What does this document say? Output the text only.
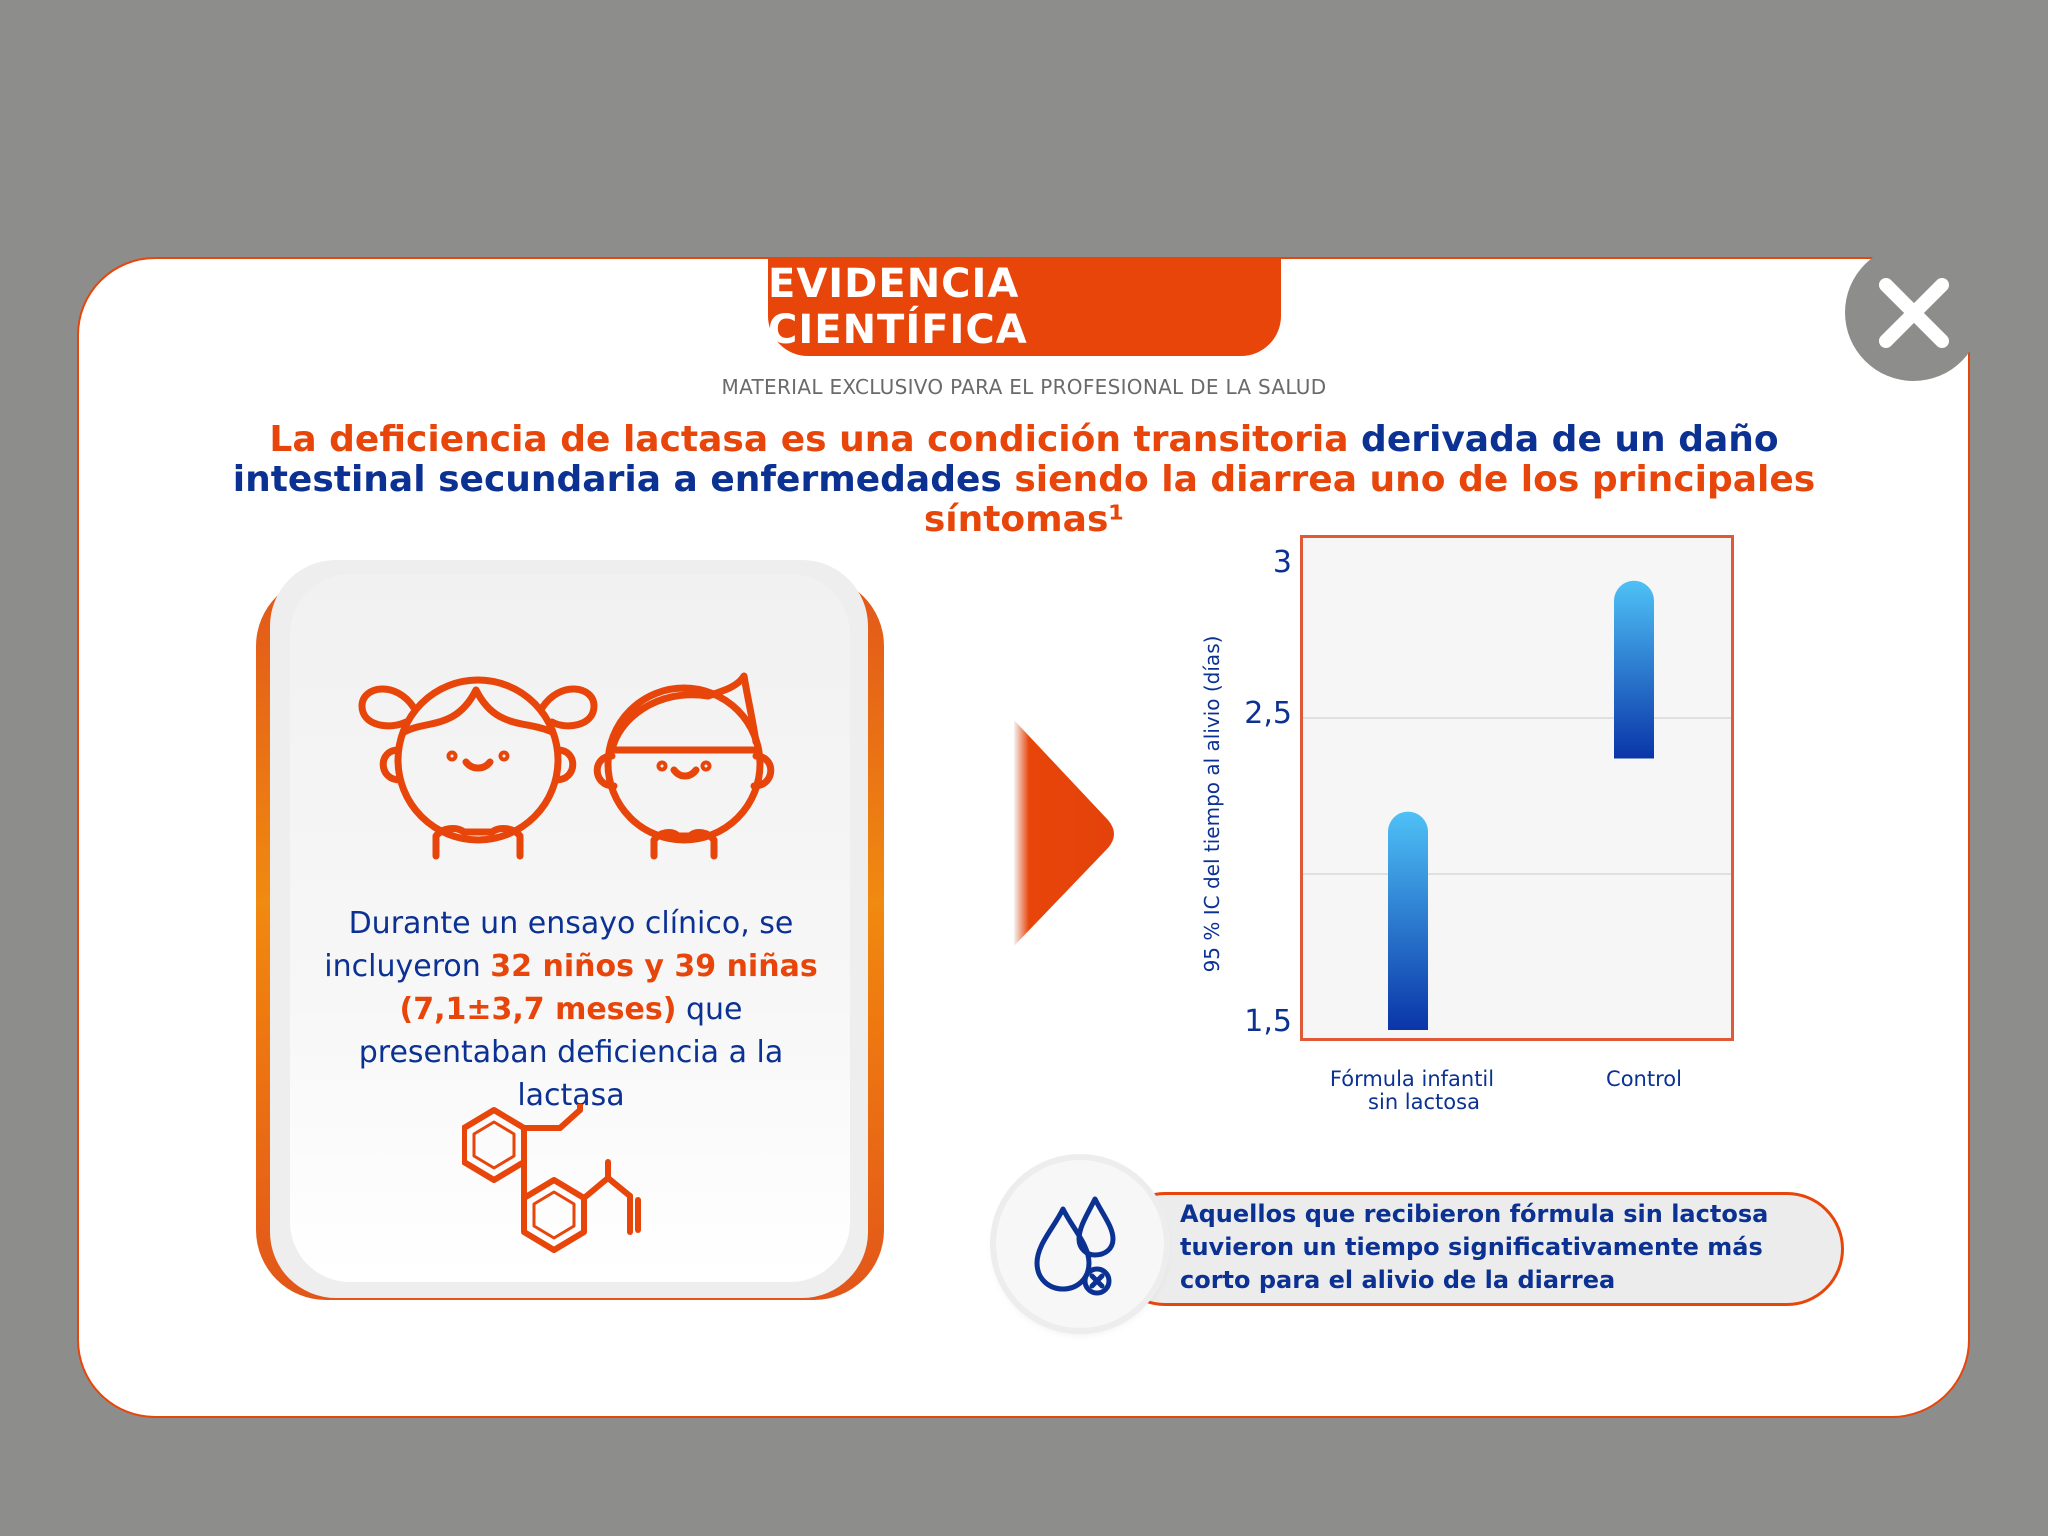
EVIDENCIA CIENTÍFICA
MATERIAL EXCLUSIVO PARA EL PROFESIONAL DE LA SALUD
La deficiencia de lactasa es una condición transitoria derivada de un daño intestinal secundaria a enfermedades siendo la diarrea uno de los principales síntomas¹
Durante un ensayo clínico, se incluyeron 32 niños y 39 niñas (7,1±3,7 meses) que presentaban deficiencia a la lactasa
95 % IC del tiempo al alivio (días)
3
2,5
1,5
Fórmula infantil
sin lactosa
Control
Aquellos que recibieron fórmula sin lactosa tuvieron un tiempo significativamente más corto para el alivio de la diarrea
